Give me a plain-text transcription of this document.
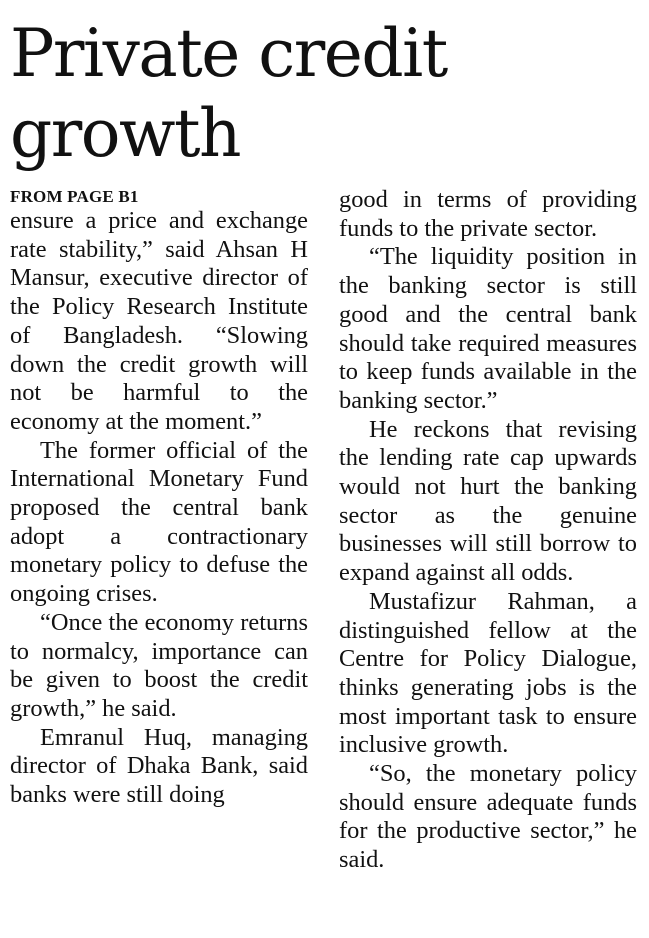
Private credit
growth
FROM PAGE B1

ensure a price and exchange rate stability,” said Ahsan H Mansur, executive director of the Policy Research Institute of Bangladesh. “Slowing down the credit growth will not be harmful to the economy at the moment.”

The former official of the International Monetary Fund proposed the central bank adopt a contractionary monetary policy to defuse the ongoing crises.

“Once the economy returns to normalcy, importance can be given to boost the credit growth,” he said.

Emranul Huq, managing director of Dhaka Bank, said banks were still doing

good in terms of providing funds to the private sector.

“The liquidity position in the banking sector is still good and the central bank should take required measures to keep funds available in the banking sector.”

He reckons that revising the lending rate cap upwards would not hurt the banking sector as the genuine businesses will still borrow to expand against all odds.

Mustafizur Rahman, a distinguished fellow at the Centre for Policy Dialogue, thinks generating jobs is the most important task to ensure inclusive growth.

“So, the monetary policy should ensure adequate funds for the productive sector,” he said.
